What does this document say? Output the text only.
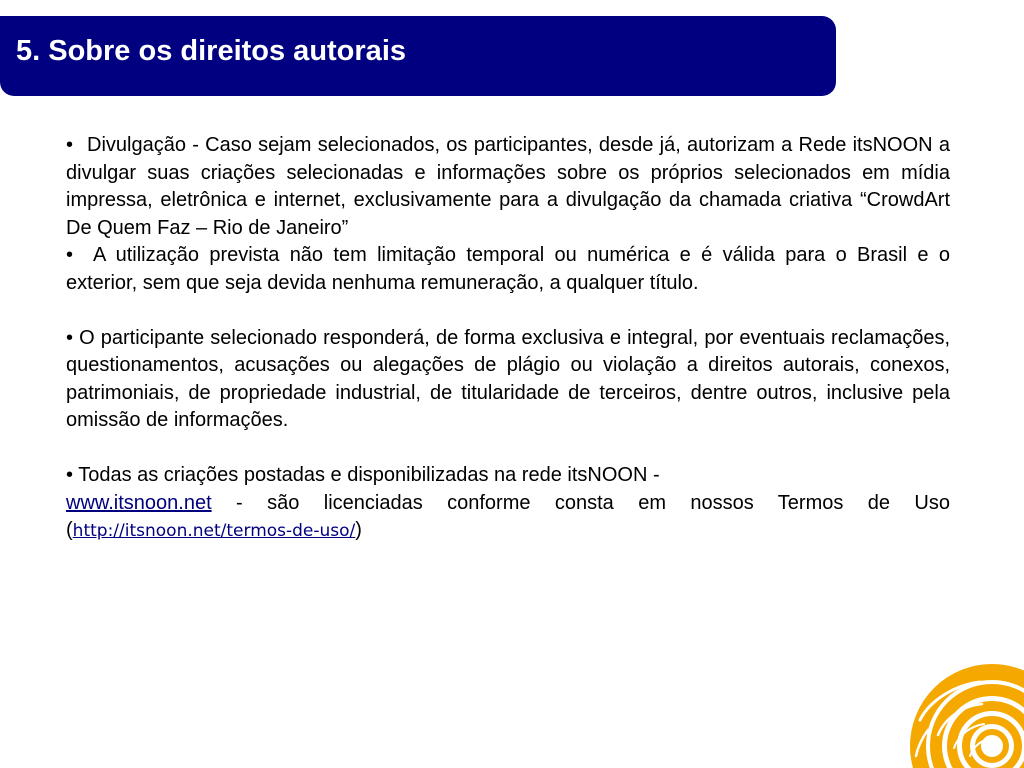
5. Sobre os direitos autorais

• Divulgação - Caso sejam selecionados, os participantes, desde já, autorizam a Rede itsNOON a divulgar suas criações selecionadas e informações sobre os próprios selecionados em mídia impressa, eletrônica e internet, exclusivamente para a divulgação da chamada criativa “CrowdArt De Quem Faz – Rio de Janeiro”

• A utilização prevista não tem limitação temporal ou numérica e é válida para o Brasil e o exterior, sem que seja devida nenhuma remuneração, a qualquer título.

• O participante selecionado responderá, de forma exclusiva e integral, por eventuais reclamações, questionamentos, acusações ou alegações de plágio ou violação a direitos autorais, conexos, patrimoniais, de propriedade industrial, de titularidade de terceiros, dentre outros, inclusive pela omissão de informações.

• Todas as criações postadas e disponibilizadas na rede itsNOON -

www.itsnoon.net - são licenciadas conforme consta em nossos Termos de Uso (http://itsnoon.net/termos-de-uso/)
